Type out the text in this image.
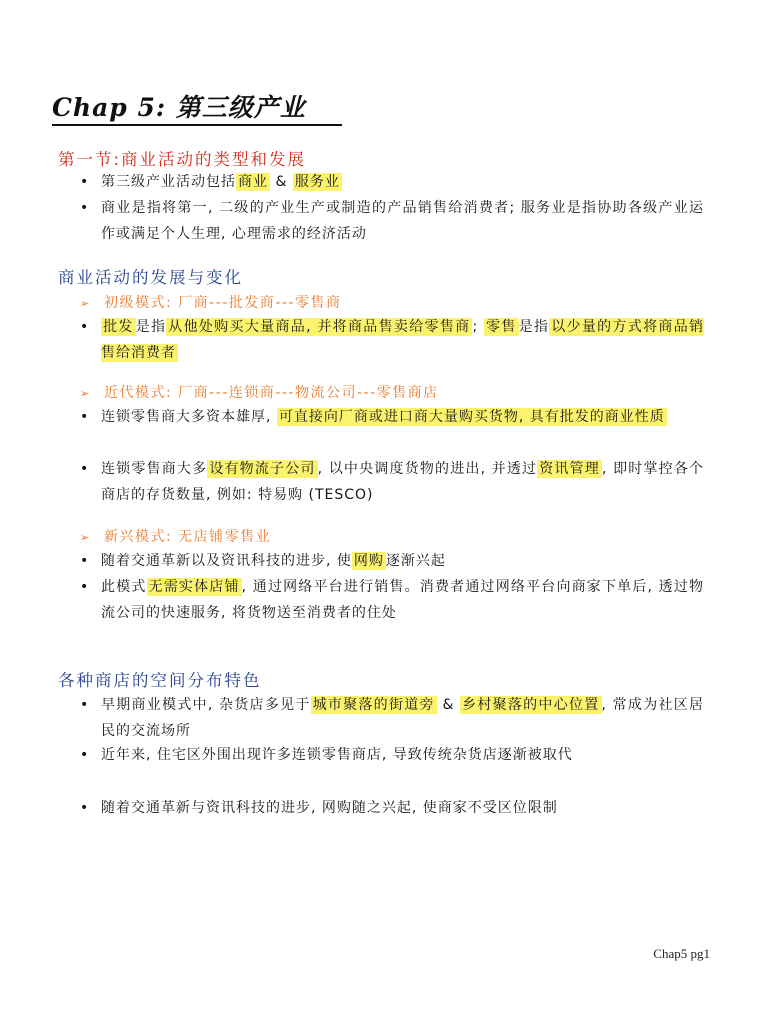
Chap 5: 第三级产业
第一节:商业活动的类型和发展
• 第三级产业活动包括 商业 & 服务业
• 商业是指将第一, 二级的产业生产或制造的产品销售给消费者; 服务业是指协助各级产业运作或满足个人生理, 心理需求的经济活动
商业活动的发展与变化
➢ 初级模式: 厂商---批发商---零售商
• 批发 是指 从他处购买大量商品, 并将商品售卖给零售商 ; 零售 是指 以少量的方式将商品销售给消费者
➢ 近代模式: 厂商---连锁商---物流公司---零售商店
• 连锁零售商大多资本雄厚, 可直接向厂商或进口商大量购买货物, 具有批发的商业性质
• 连锁零售商大多 设有物流子公司 , 以中央调度货物的进出, 并透过 资讯管理 , 即时掌控各个商店的存货数量, 例如: 特易购 (TESCO)
➢ 新兴模式: 无店铺零售业
• 随着交通革新以及资讯科技的进步, 使 网购 逐渐兴起
• 此模式 无需实体店铺 , 通过网络平台进行销售。消费者通过网络平台向商家下单后, 透过物流公司的快速服务, 将货物送至消费者的住处
各种商店的空间分布特色
• 早期商业模式中, 杂货店多见于 城市聚落的街道旁 & 乡村聚落的中心位置 , 常成为社区居民的交流场所
• 近年来, 住宅区外围出现许多连锁零售商店, 导致传统杂货店逐渐被取代
• 随着交通革新与资讯科技的进步, 网购随之兴起, 使商家不受区位限制
Chap5 pg1
